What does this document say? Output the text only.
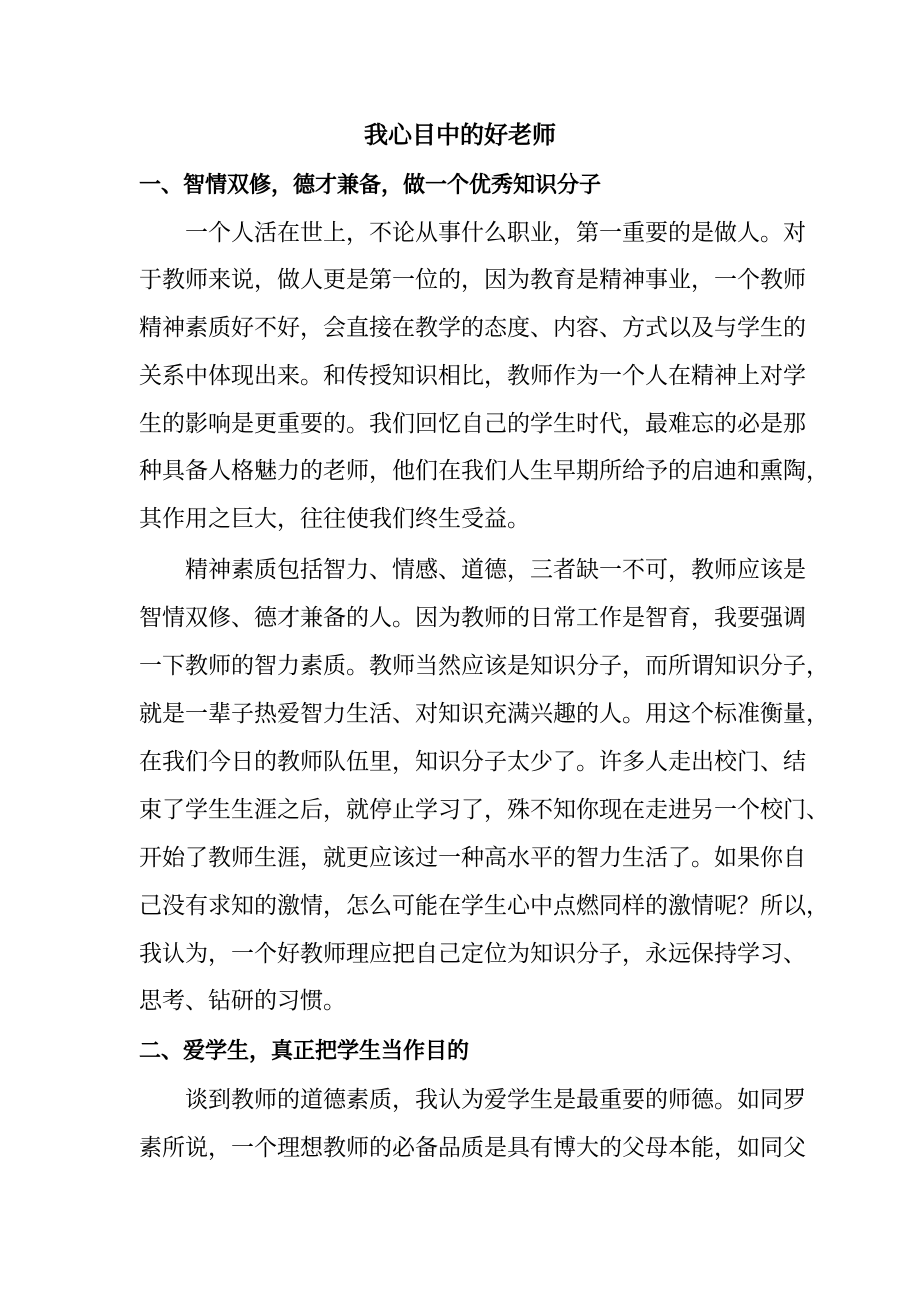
我心目中的好老师
一、智情双修，德才兼备，做一个优秀知识分子
一个人活在世上，不论从事什么职业，第一重要的是做人。对
于教师来说，做人更是第一位的，因为教育是精神事业，一个教师
精神素质好不好，会直接在教学的态度、内容、方式以及与学生的
关系中体现出来。和传授知识相比，教师作为一个人在精神上对学
生的影响是更重要的。我们回忆自己的学生时代，最难忘的必是那
种具备人格魅力的老师，他们在我们人生早期所给予的启迪和熏陶，
其作用之巨大，往往使我们终生受益。
精神素质包括智力、情感、道德，三者缺一不可，教师应该是
智情双修、德才兼备的人。因为教师的日常工作是智育，我要强调
一下教师的智力素质。教师当然应该是知识分子，而所谓知识分子，
就是一辈子热爱智力生活、对知识充满兴趣的人。用这个标准衡量，
在我们今日的教师队伍里，知识分子太少了。许多人走出校门、结
束了学生生涯之后，就停止学习了，殊不知你现在走进另一个校门、
开始了教师生涯，就更应该过一种高水平的智力生活了。如果你自
己没有求知的激情，怎么可能在学生心中点燃同样的激情呢？所以，
我认为，一个好教师理应把自己定位为知识分子，永远保持学习、
思考、钻研的习惯。
二、爱学生，真正把学生当作目的
谈到教师的道德素质，我认为爱学生是最重要的师德。如同罗
素所说，一个理想教师的必备品质是具有博大的父母本能，如同父
